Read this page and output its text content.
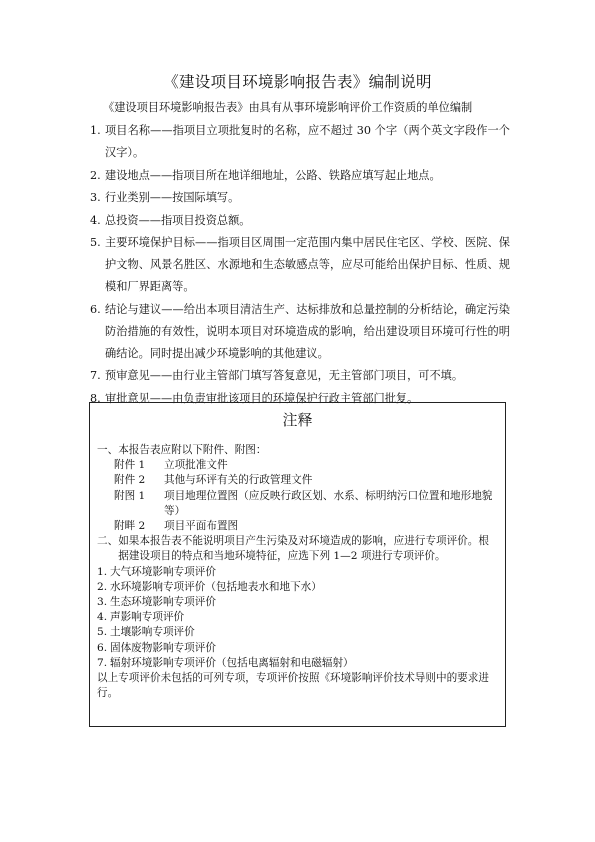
《建设项目环境影响报告表》编制说明
《建设项目环境影响报告表》由具有从事环境影响评价工作资质的单位编制
1. 项目名称——指项目立项批复时的名称，应不超过 30 个字（两个英文字段作一个汉字）。
2. 建设地点——指项目所在地详细地址，公路、铁路应填写起止地点。
3. 行业类别——按国际填写。
4. 总投资——指项目投资总额。
5. 主要环境保护目标——指项目区周围一定范围内集中居民住宅区、学校、医院、保护文物、风景名胜区、水源地和生态敏感点等，应尽可能给出保护目标、性质、规模和厂界距离等。
6. 结论与建议——给出本项目清洁生产、达标排放和总量控制的分析结论，确定污染防治措施的有效性，说明本项目对环境造成的影响，给出建设项目环境可行性的明确结论。同时提出减少环境影响的其他建议。
7. 预审意见——由行业主管部门填写答复意见，无主管部门项目，可不填。
8. 审批意见——由负责审批该项目的环境保护行政主管部门批复。
注释
一、 本报告表应附以下附件、附图：
附件 1	立项批准文件
附件 2	其他与环评有关的行政管理文件
附图 1	项目地理位置图（应反映行政区划、水系、标明纳污口位置和地形地貌等）
附畔 2	项目平面布置图
二、 如果本报告表不能说明项目产生污染及对环境造成的影响，应进行专项评价。根据建设项目的特点和当地环境特征，应选下列 1—2 项进行专项评价。
1. 大气环境影响专项评价
2. 水环境影响专项评价（包括地表水和地下水）
3. 生态环境影响专项评价
4. 声影响专项评价
5. 土壤影响专项评价
6. 固体废物影响专项评价
7. 辐射环境影响专项评价（包括电离辐射和电磁辐射）
以上专项评价未包括的可列专项，专项评价按照《环境影响评价技术导则中的要求进行。
